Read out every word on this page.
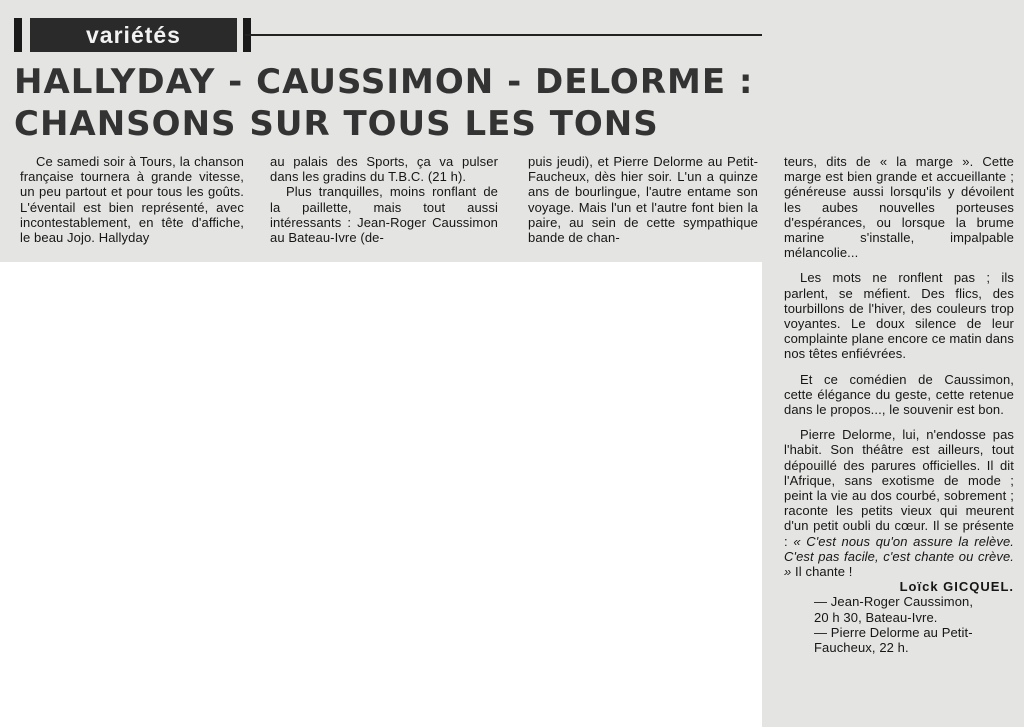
variétés
HALLYDAY - CAUSSIMON - DELORME :
CHANSONS SUR TOUS LES TONS

Ce samedi soir à Tours, la chanson française tournera à grande vitesse, un peu partout et pour tous les goûts. L'éventail est bien représenté, avec incontestablement, en tête d'affiche, le beau Jojo. Hallyday

au palais des Sports, ça va pulser dans les gradins du T.B.C. (21 h).

Plus tranquilles, moins ronflant de la paillette, mais tout aussi intéressants : Jean-Roger Caussimon au Bateau-Ivre (de-

puis jeudi), et Pierre Delorme au Petit-Faucheux, dès hier soir. L'un a quinze ans de bourlingue, l'autre entame son voyage. Mais l'un et l'autre font bien la paire, au sein de cette sympathique bande de chan-

teurs, dits de « la marge ». Cette marge est bien grande et accueillante ; généreuse aussi lorsqu'ils y dévoilent les aubes nouvelles porteuses d'espérances, ou lorsque la brume marine s'installe, impalpable mélancolie...

Les mots ne ronflent pas ; ils parlent, se méfient. Des flics, des tourbillons de l'hiver, des couleurs trop voyantes. Le doux silence de leur complainte plane encore ce matin dans nos têtes enfiévrées.

Et ce comédien de Caussimon, cette élégance du geste, cette retenue dans le propos..., le souvenir est bon.

Pierre Delorme, lui, n'endosse pas l'habit. Son théâtre est ailleurs, tout dépouillé des parures officielles. Il dit l'Afrique, sans exotisme de mode ; peint la vie au dos courbé, sobrement ; raconte les petits vieux qui meurent d'un petit oubli du cœur. Il se présente : « C'est nous qu'on assure la relève. C'est pas facile, c'est chante ou crève. » Il chante !

Loïck GICQUEL.

— Jean-Roger Caussimon,
20 h 30, Bateau-Ivre.

— Pierre Delorme au Petit-
Faucheux, 22 h.
